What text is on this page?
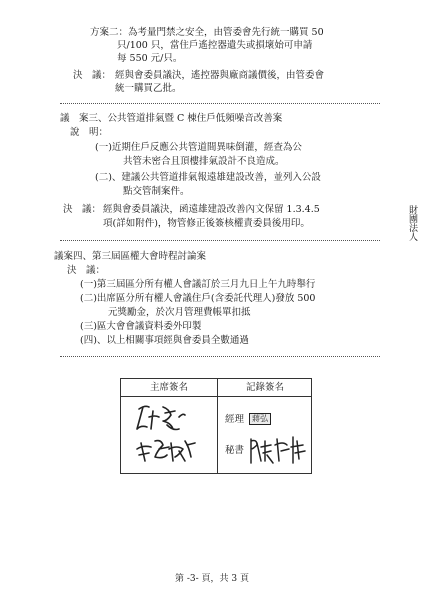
方案二：為考量門禁之安全，由管委會先行統一購買 50
只/100 只，當住戶遙控器遺失或損壞始可申請
每 550 元/只。
決　議： 經與會委員議決，遙控器與廠商議價後，由管委會
統一購買乙批。
議　案三、公共管道排氣暨 C 棟住戶低頻噪音改善案
說　明：
(一)近期住戶反應公共管道間異味倒灌，經查為公
共管未密合且頂樓排氣設計不良造成。
(二)、建議公共管道排氣報遠雄建設改善，並列入公設
點交管制案件。
決　議： 經與會委員議決，函遠雄建設改善內文保留 1.3.4.5
項(詳如附件)，物管修正後簽核權責委員後用印。
議案四、第三屆區權大會時程討論案
決　議：
(一)第三屆區分所有權人會議訂於三月九日上午九時舉行
(二)出席區分所有權人會議住戶(含委託代理人)發放 500
元獎勵金，於次月管理費帳單扣抵
(三)區大會會議資料委外印製
(四)、以上相關事項經與會委員全數通過
主席簽名	記錄簽名
經理 蔣弘
秘書
財團法人
第 -3- 頁，共 3 頁
